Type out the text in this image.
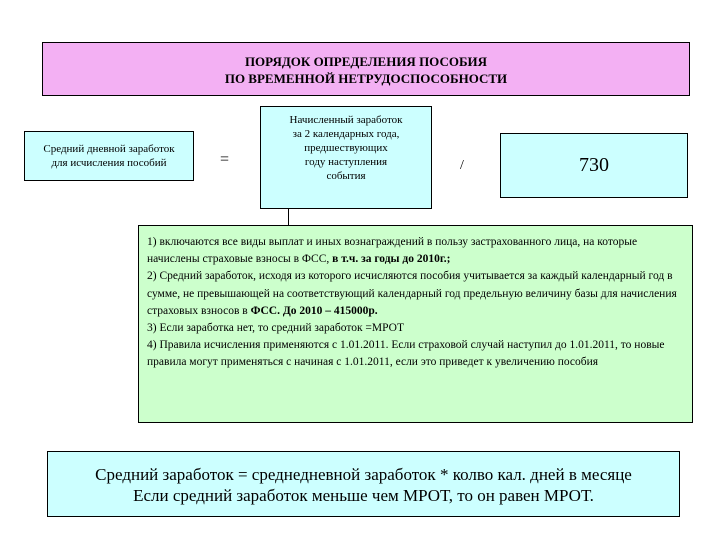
ПОРЯДОК ОПРЕДЕЛЕНИЯ ПОСОБИЯ
ПО ВРЕМЕННОЙ НЕТРУДОСПОСОБНОСТИ
Средний дневной заработок
для исчисления пособий	=
Начисленный заработок
за 2 календарных года,
предшествующих
году наступления
события
/	730

1) включаются все виды выплат и иных вознаграждений в пользу застрахованного лица, на которые начислены страховые взносы в ФСС, в т.ч. за годы до 2010г.;

2) Средний заработок, исходя из которого исчисляются пособия учитывается за каждый календарный год в сумме, не превышающей на соответствующий календарный год предельную величину базы для начисления страховых взносов в ФСС. До 2010 – 415000р.

3) Если заработка нет, то средний заработок =МРОТ

4) Правила исчисления применяются с 1.01.2011. Если страховой случай наступил до 1.01.2011, то новые правила могут применяться с начиная с 1.01.2011, если это приведет к увеличению пособия

Средний заработок = среднедневной заработок * колво кал. дней в месяце
Если средний заработок меньше чем МРОТ, то он равен МРОТ.
